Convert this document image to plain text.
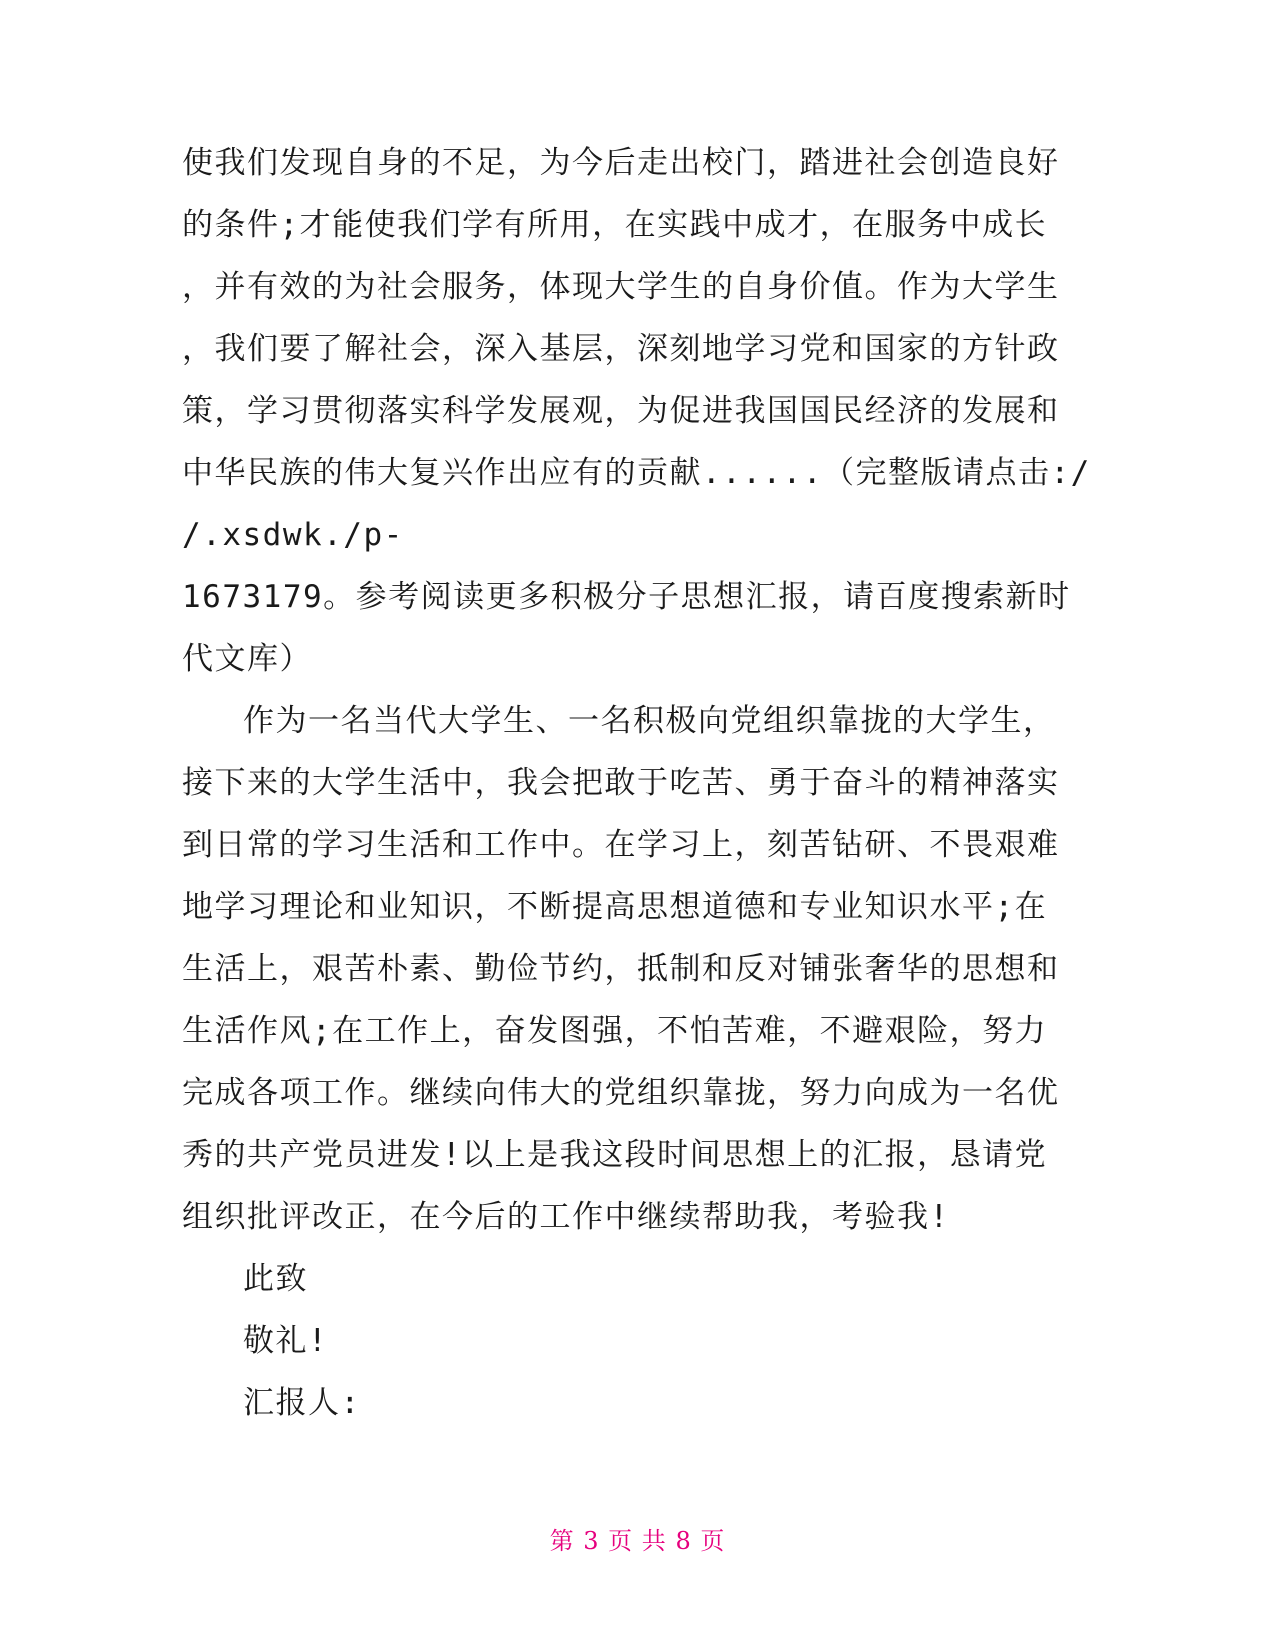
使我们发现自身的不足，为今后走出校门，踏进社会创造良好
的条件;才能使我们学有所用，在实践中成才，在服务中成长
，并有效的为社会服务，体现大学生的自身价值。作为大学生
，我们要了解社会，深入基层，深刻地学习党和国家的方针政
策，学习贯彻落实科学发展观，为促进我国国民经济的发展和
中华民族的伟大复兴作出应有的贡献......（完整版请点击:/
/.xsdwk./p-
1673179。参考阅读更多积极分子思想汇报，请百度搜索新时
代文库）
作为一名当代大学生、一名积极向党组织靠拢的大学生，
接下来的大学生活中，我会把敢于吃苦、勇于奋斗的精神落实
到日常的学习生活和工作中。在学习上，刻苦钻研、不畏艰难
地学习理论和业知识，不断提高思想道德和专业知识水平;在
生活上，艰苦朴素、勤俭节约，抵制和反对铺张奢华的思想和
生活作风;在工作上，奋发图强，不怕苦难，不避艰险，努力
完成各项工作。继续向伟大的党组织靠拢，努力向成为一名优
秀的共产党员进发!以上是我这段时间思想上的汇报，恳请党
组织批评改正，在今后的工作中继续帮助我，考验我!
此致
敬礼!
汇报人:
第 3 页 共 8 页
